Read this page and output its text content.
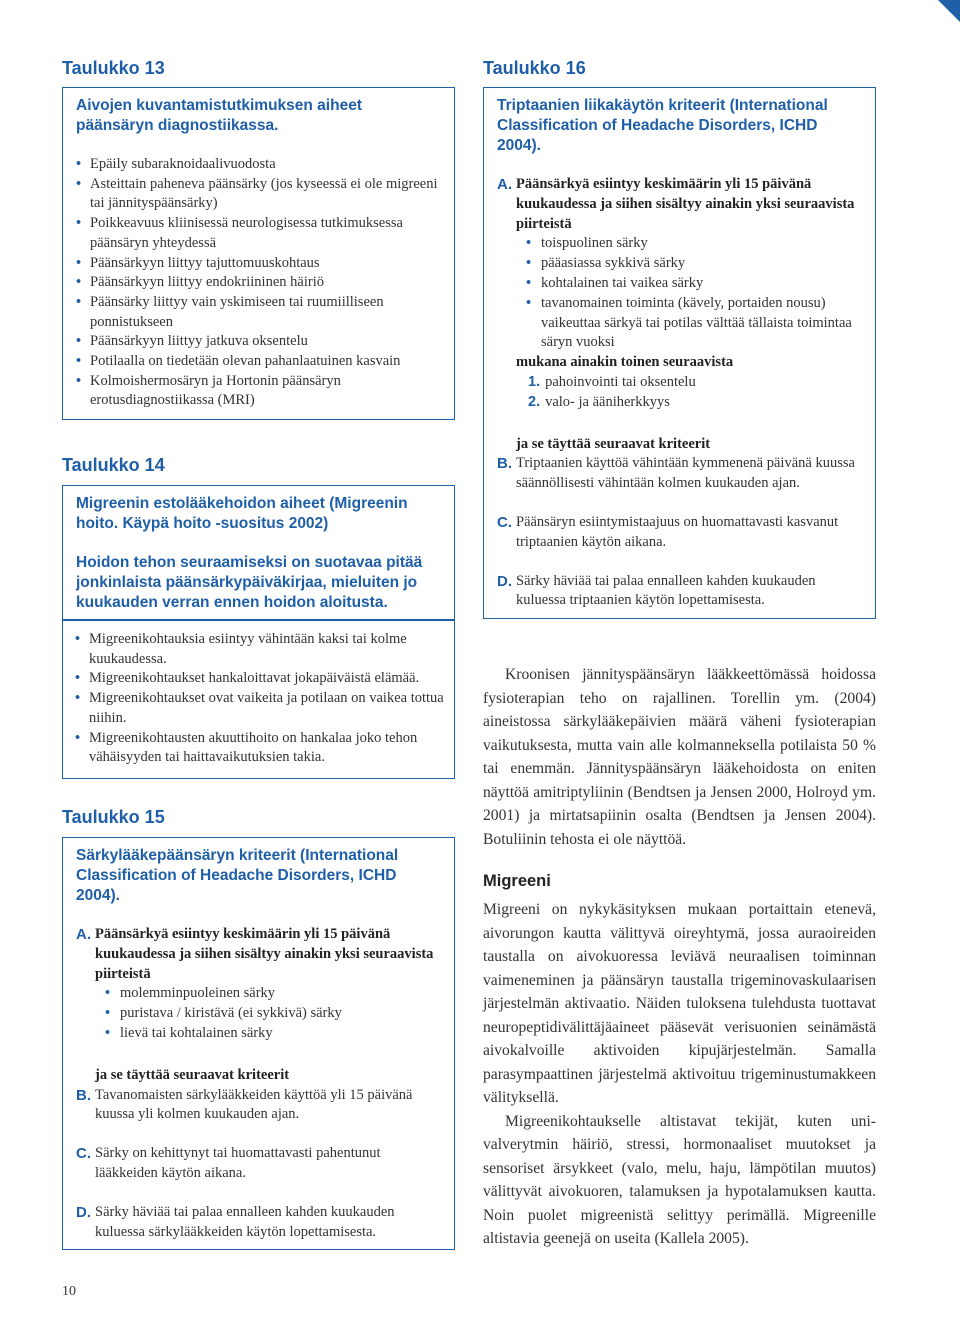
Taulukko 13

Aivojen kuvantamistutkimuksen aiheet päänsäryn diagnostiikassa.

• Epäily subaraknoidaalivuodosta
• Asteittain paheneva päänsärky (jos kyseessä ei ole migreeni tai jännityspäänsärky)
• Poikkeavuus kliinisessä neurologisessa tutkimuksessa päänsäryn yhteydessä
• Päänsärkyyn liittyy tajuttomuuskohtaus
• Päänsärkyyn liittyy endokriininen häiriö
• Päänsärky liittyy vain yskimiseen tai ruumiilliseen ponnistukseen
• Päänsärkyyn liittyy jatkuva oksentelu
• Potilaalla on tiedetään olevan pahanlaatuinen kasvain
• Kolmoishermosäryn ja Hortonin päänsäryn erotusdiagnostiikassa (MRI)
Taulukko 14

Migreenin estolääkehoidon aiheet (Migreenin hoito. Käypä hoito -suositus 2002)

Hoidon tehon seuraamiseksi on suotavaa pitää jonkinlaista päänsärkypäiväkirjaa, mieluiten jo kuukauden verran ennen hoidon aloitusta.

• Migreenikohtauksia esiintyy vähintään kaksi tai kolme kuukaudessa.
• Migreenikohtaukset hankaloittavat jokapäiväistä elämää.
• Migreenikohtaukset ovat vaikeita ja potilaan on vaikea tottua niihin.
• Migreenikohtausten akuuttihoito on hankalaa joko tehon vähäisyyden tai haittavaikutuksien takia.
Taulukko 15

Särkylääkepäänsäryn kriteerit (International Classification of Headache Disorders, ICHD 2004).

A. Päänsärkyä esiintyy keskimäärin yli 15 päivänä kuukaudessa ja siihen sisältyy ainakin yksi seuraavista piirteistä
• molemminpuoleinen särky
• puristava / kiristävä (ei sykkivä) särky
• lievä tai kohtalainen särky
ja se täyttää seuraavat kriteerit
B. Tavanomaisten särkylääkkeiden käyttöä yli 15 päivänä kuussa yli kolmen kuukauden ajan.
C. Särky on kehittynyt tai huomattavasti pahentunut lääkkeiden käytön aikana.
D. Särky häviää tai palaa ennalleen kahden kuukauden kuluessa särkylääkkeiden käytön lopettamisesta.
Taulukko 16

Triptaanien liikakäytön kriteerit (International Classification of Headache Disorders, ICHD 2004).

A. Päänsärkyä esiintyy keskimäärin yli 15 päivänä kuukaudessa ja siihen sisältyy ainakin yksi seuraavista piirteistä
• toispuolinen särky
• pääasiassa sykkivä särky
• kohtalainen tai vaikea särky
• tavanomainen toiminta (kävely, portaiden nousu) vaikeuttaa särkyä tai potilas välttää tällaista toimintaa säryn vuoksi
mukana ainakin toinen seuraavista
1. pahoinvointi tai oksentelu
2. valo- ja ääniherkkyys
ja se täyttää seuraavat kriteerit
B. Triptaanien käyttöä vähintään kymmenenä päivänä kuussa säännöllisesti vähintään kolmen kuukauden ajan.
C. Päänsäryn esiintymistaajuus on huomattavasti kasvanut triptaanien käytön aikana.
D. Särky häviää tai palaa ennalleen kahden kuukauden kuluessa triptaanien käytön lopettamisesta.

Kroonisen jännityspäänsäryn lääkkeettömässä hoidossa fysioterapian teho on rajallinen. Torellin ym. (2004) aineistossa särkylääkepäivien määrä väheni fysioterapian vaikutuksesta, mutta vain alle kolmanneksella potilaista 50 % tai enemmän. Jännityspäänsäryn lääkehoidosta on eniten näyttöä amitriptyliinin (Bendtsen ja Jensen 2000, Holroyd ym. 2001) ja mirtatsapiinin osalta (Bendtsen ja Jensen 2004). Botuliinin tehosta ei ole näyttöä.

Migreeni

Migreeni on nykykäsityksen mukaan portaittain etenevä, aivorungon kautta välittyvä oireyhtymä, jossa auraoireiden taustalla on aivokuoressa leviävä neuraalisen toiminnan vaimeneminen ja päänsäryn taustalla trigeminovaskulaarisen järjestelmän aktivaatio. Näiden tuloksena tulehdusta tuottavat neuropeptidivälittäjäaineet pääsevät verisuonien seinämästä aivokalvoille aktivoiden kipujärjestelmän. Samalla parasympaattinen järjestelmä aktivoituu trigeminustumakkeen välityksellä.

Migreenikohtaukselle altistavat tekijät, kuten uni-valverytmin häiriö, stressi, hormonaaliset muutokset ja sensoriset ärsykkeet (valo, melu, haju, lämpötilan muutos) välittyvät aivokuoren, talamuksen ja hypotalamuksen kautta. Noin puolet migreenistä selittyy perimällä. Migreenille altistavia geenejä on useita (Kallela 2005).

10
